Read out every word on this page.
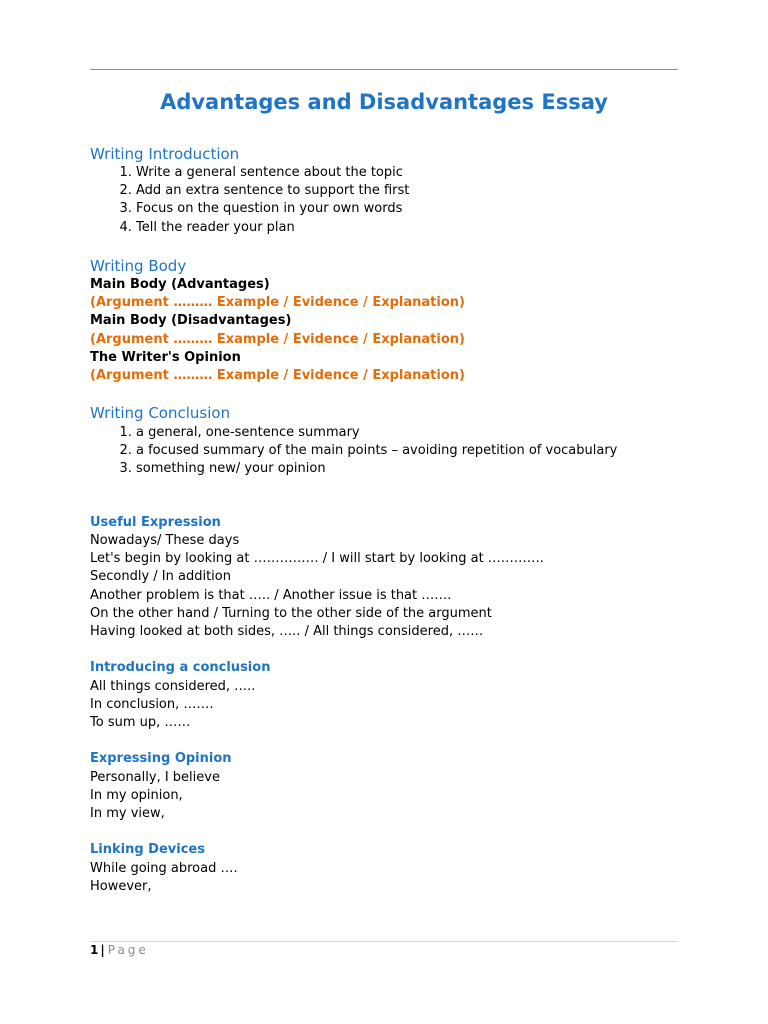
Advantages and Disadvantages Essay
Writing Introduction
1. Write a general sentence about the topic
2. Add an extra sentence to support the first
3. Focus on the question in your own words
4. Tell the reader your plan
Writing Body
Main Body (Advantages)
(Argument ……… Example / Evidence / Explanation)
Main Body (Disadvantages)
(Argument ……… Example / Evidence / Explanation)
The Writer's Opinion
(Argument ……… Example / Evidence / Explanation)
Writing Conclusion
1. a general, one-sentence summary
2. a focused summary of the main points – avoiding repetition of vocabulary
3. something new/ your opinion
Useful Expression
Nowadays/ These days
Let's begin by looking at …………… / I will start by looking at ………….
Secondly / In addition
Another problem is that ….. / Another issue is that …….
On the other hand / Turning to the other side of the argument
Having looked at both sides, ….. / All things considered, ……
Introducing a conclusion
All things considered, …..
In conclusion, …….
To sum up, ……
Expressing Opinion
Personally, I believe
In my opinion,
In my view,
Linking Devices
While going abroad ….
However,
1 | Page
